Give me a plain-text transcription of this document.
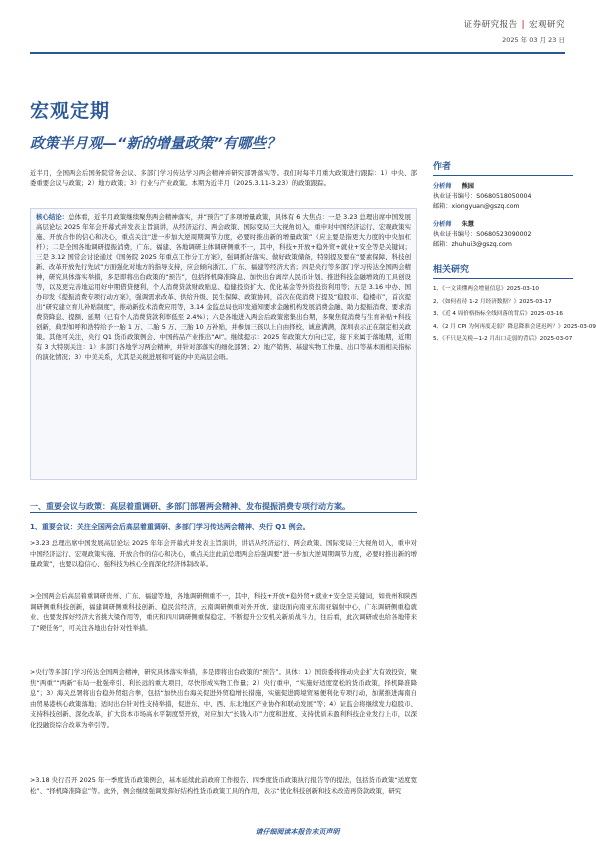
证券研究报告 | 宏观研究
2025 年 03 月 23 日
宏观定期
政策半月观—“新的增量政策”有哪些？

近半月，全国两会后国务院常务会议、多部门学习传达学习两会精神并研究部署落实等。我们对每半月重大政策进行跟踪：1）中央、部委重要会议与政策；2）地方政策；3）行业与产业政策。本期为近半月（2025.3.11-3.23）的政策跟踪。

核心结论：总体看，近半月政策继续聚焦两会精神落实，并“预告”了多项增量政策，具体有 6 大焦点：一是 3.23 总理出席中国发展高层论坛 2025 年年会开幕式并发表主旨演讲，从经济运行、两会政策、国际变局三大视角切入，重申对中国经济运行、宏观政策实施、开放合作的信心和决心，重点关注“进一步加大逆周期调节力度，必要时推出新的增量政策”（应主要是指更大力度的中央加杠杆）；二是全国各地调研提振消费，广东、福建、各地调研主体调研侧重不一，其中，科技+开放+稳外贸+就业+安全等是关键词；三是 3.12 国常会讨论通过《国务院 2025 年重点工作分工方案》，强调抓好落实、做好政策储备，特别提及要在“要素保障、科技创新、改革开放先行先试”方面强化对地方的指导支持，应会倾向浙江、广东、福建等经济大省；四是央行等多部门学习传达全国两会精神，研究具体落实举措，多是即将出台政策的“预告”，包括择机降准降息、加快出台离岸人民币计划、推进科技金融增效的工具创设等，以及更完善地运用好中期借贷便利、个人消费贷款财政贴息、稳健投资扩大、优化基金等外资投资利用等；五是 3.16 中办、国办印发《提振消费专项行动方案》，强调需求改革、供给升级、民生保障、政策协同，首次在促消费下提及“稳股市、稳楼市”，首次提出“研究建立育儿补贴制度”，推动新技术消费应用等，3.14 金监总局也印发通知要求金融机构发展消费金融、助力提振消费、要求消费贷降息、提额、延期（已有个人消费贷款利率低至 2.4%）；六是各地进入两会后政策密集出台期，多聚焦促消费与生育补贴+科技创新，典型如呼和浩特给予一胎 1 万、二胎 5 万、三胎 10 万补贴，并参加三孩以上自由择校，诚意满满，深圳表示正在制定相关政策。其他可关注，央行 Q1 货币政策例会、中国药品产业推出“AI”。继续提示：2025 年政策大方向已定，接下来属于落地期，近期有 3 大特别关注：1）多部门各地学习两会精神，并针对部落实的细化部署；2）地产销售、基建实物工作量、出口等基本面相关指标的演化情况；3）中美关系，尤其是关税进展和可能的中美高层会晤。

一、重要会议与政策：高层着重调研、多部门部署两会精神、发布提振消费专项行动方案。
1、重要会议：关注全国两会后高层着重调研、多部门学习传达两会精神、央行 Q1 例会。
>3.23 总理出席中国发展高层论坛 2025 年年会开幕式并发表主旨演讲，讲话从经济运行、两会政策、国际变局三大视角切入，重申对中国经济运行、宏观政策实施、开放合作的信心和决心，重点关注此前总理两会后强调要“进一步加大逆周期调节力度，必要时推出新的增量政策”，也要以稳信心、强科技为核心全面深化经济体制改革。
>全国两会后高层着重调研贵州、广东、福建等地，各地调研侧重不一，其中，科技+开放+稳外贸+就业+安全是关键词，如贵州和陕西调研侧重科技创新，福建调研侧重科技创新、稳民营经济，云南调研侧重对外开放、建设面向南亚东南亚辐射中心，广东调研侧重稳就业、也要发挥好经济大省挑大梁作用等，重庆和四川调研侧重保稳定、不断提升公安机关新质战斗力，往后看，此次调研或也给各地带来了“硬任务”，可关注各地出台针对性举措。
>央行等多部门学习传达全国两会精神，研究具体落实举措，多是即将出台政策的“预告”。具体：1）国资委将推动央企扩大有效投资，聚焦“两重”“两新”布局一批强牵引、利长远的重大项目，尽快形成实物工作量；2）央行重申，“实施好适度宽松的货币政策，择机降准降息”；3）海关总署将出台稳外贸组合拳，包括“加快出台海关促进外贸稳增长措施，实施促进跨境贸易便利化专项行动，加紧推进海南自由贸易港核心政策落地；适时出台针对性支持举措，促进东、中、西、东北地区产业协作和联动发展”等；4）证监会将继续发力稳股市、支持科技创新、深化改革，扩大资本市场高水平制度型开放，对应加大“长钱入市”力度和进度、支持优质未盈利科技企业发行上市，以深化投融资综合改革为牵引等。
>3.18 央行召开 2025 年一季度货币政策例会，基本延续此前政府工作报告、四季度货币政策执行报告等的提法，包括货币政策“适度宽松”、“择机降准降息”等。此外，例会继续强调发挥好结构性货币政策工具的作用，表示“优化科技创新和技术改造再贷款政策，研究
作者
分析师 熊园
执业证书编号：S0680518050004
邮箱：xiongyuan@gszq.com
分析师 朱慧
执业证书编号：S0680523090002
邮箱：zhuhui3@gszq.com
相关研究
1、《一文读懂两会增量信息》2025-03-10
2、《如何看待 1-2 月经济数据？》2025-03-17
3、《近 4 周价格指标全线回落的背后》2025-03-16
4、《2 月 CPI 为何再度走弱？降息降准会延迟吗？》2025-03-09
5、《不只是关税—1-2 月出口走弱的背后》2025-03-07
请仔细阅读本报告末页声明
